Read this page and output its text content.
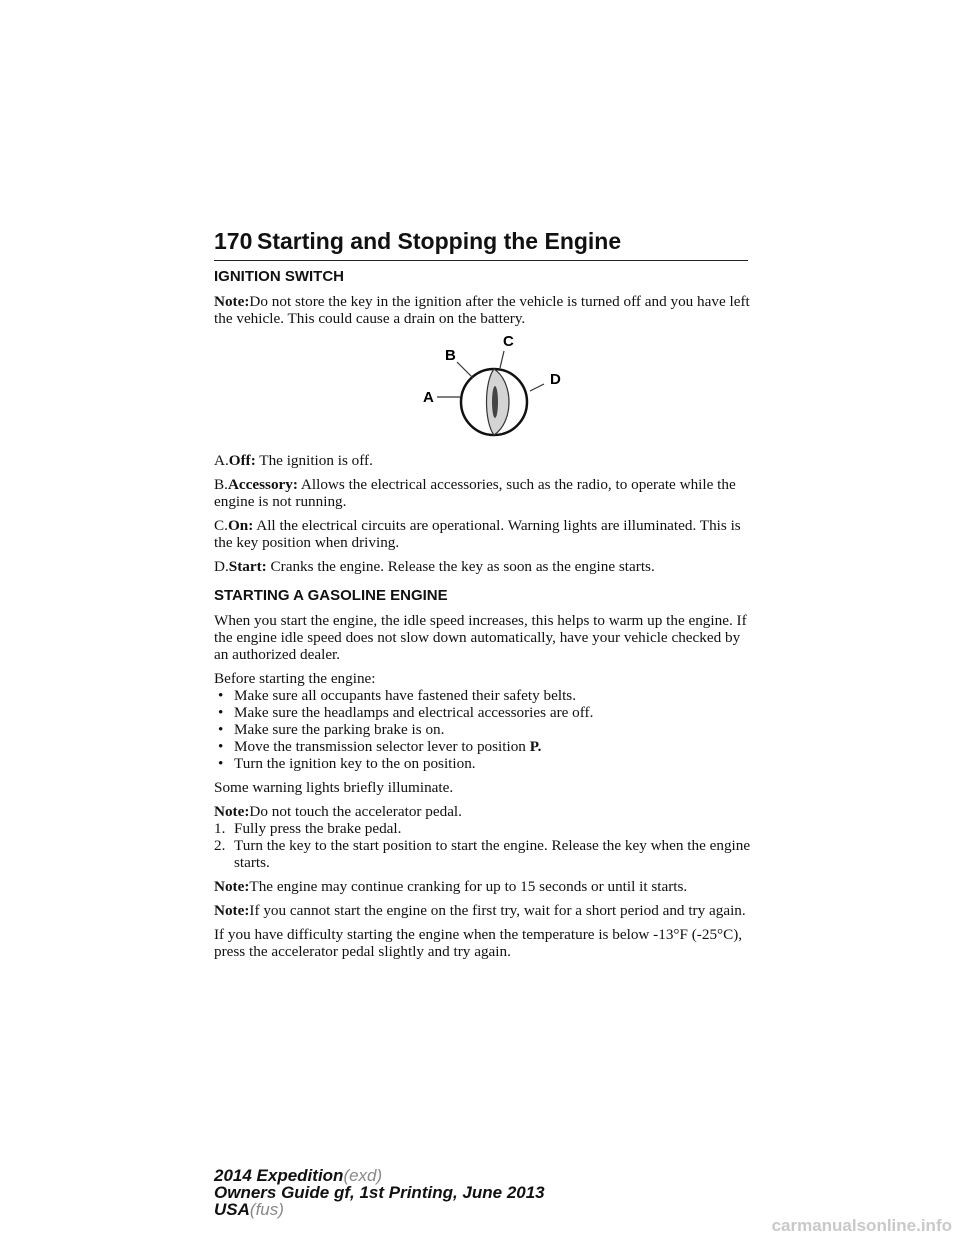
170 Starting and Stopping the Engine
IGNITION SWITCH

Note:Do not store the key in the ignition after the vehicle is turned off and you have left the vehicle. This could cause a drain on the battery.

A
B
C
D

A.Off: The ignition is off.

B.Accessory: Allows the electrical accessories, such as the radio, to operate while the engine is not running.

C.On: All the electrical circuits are operational. Warning lights are illuminated. This is the key position when driving.

D.Start: Cranks the engine. Release the key as soon as the engine starts.

STARTING A GASOLINE ENGINE

When you start the engine, the idle speed increases, this helps to warm up the engine. If the engine idle speed does not slow down automatically, have your vehicle checked by an authorized dealer.

Before starting the engine:
• Make sure all occupants have fastened their safety belts.
• Make sure the headlamps and electrical accessories are off.
• Make sure the parking brake is on.
• Move the transmission selector lever to position P.
• Turn the ignition key to the on position.

Some warning lights briefly illuminate.

Note:Do not touch the accelerator pedal.
1. Fully press the brake pedal.
2. Turn the key to the start position to start the engine. Release the key when the engine starts.

Note:The engine may continue cranking for up to 15 seconds or until it starts.

Note:If you cannot start the engine on the first try, wait for a short period and try again.

If you have difficulty starting the engine when the temperature is below -13°F (-25°C), press the accelerator pedal slightly and try again.

2014 Expedition(exd)
Owners Guide gf, 1st Printing, June 2013
USA(fus)
carmanualsonline.info
